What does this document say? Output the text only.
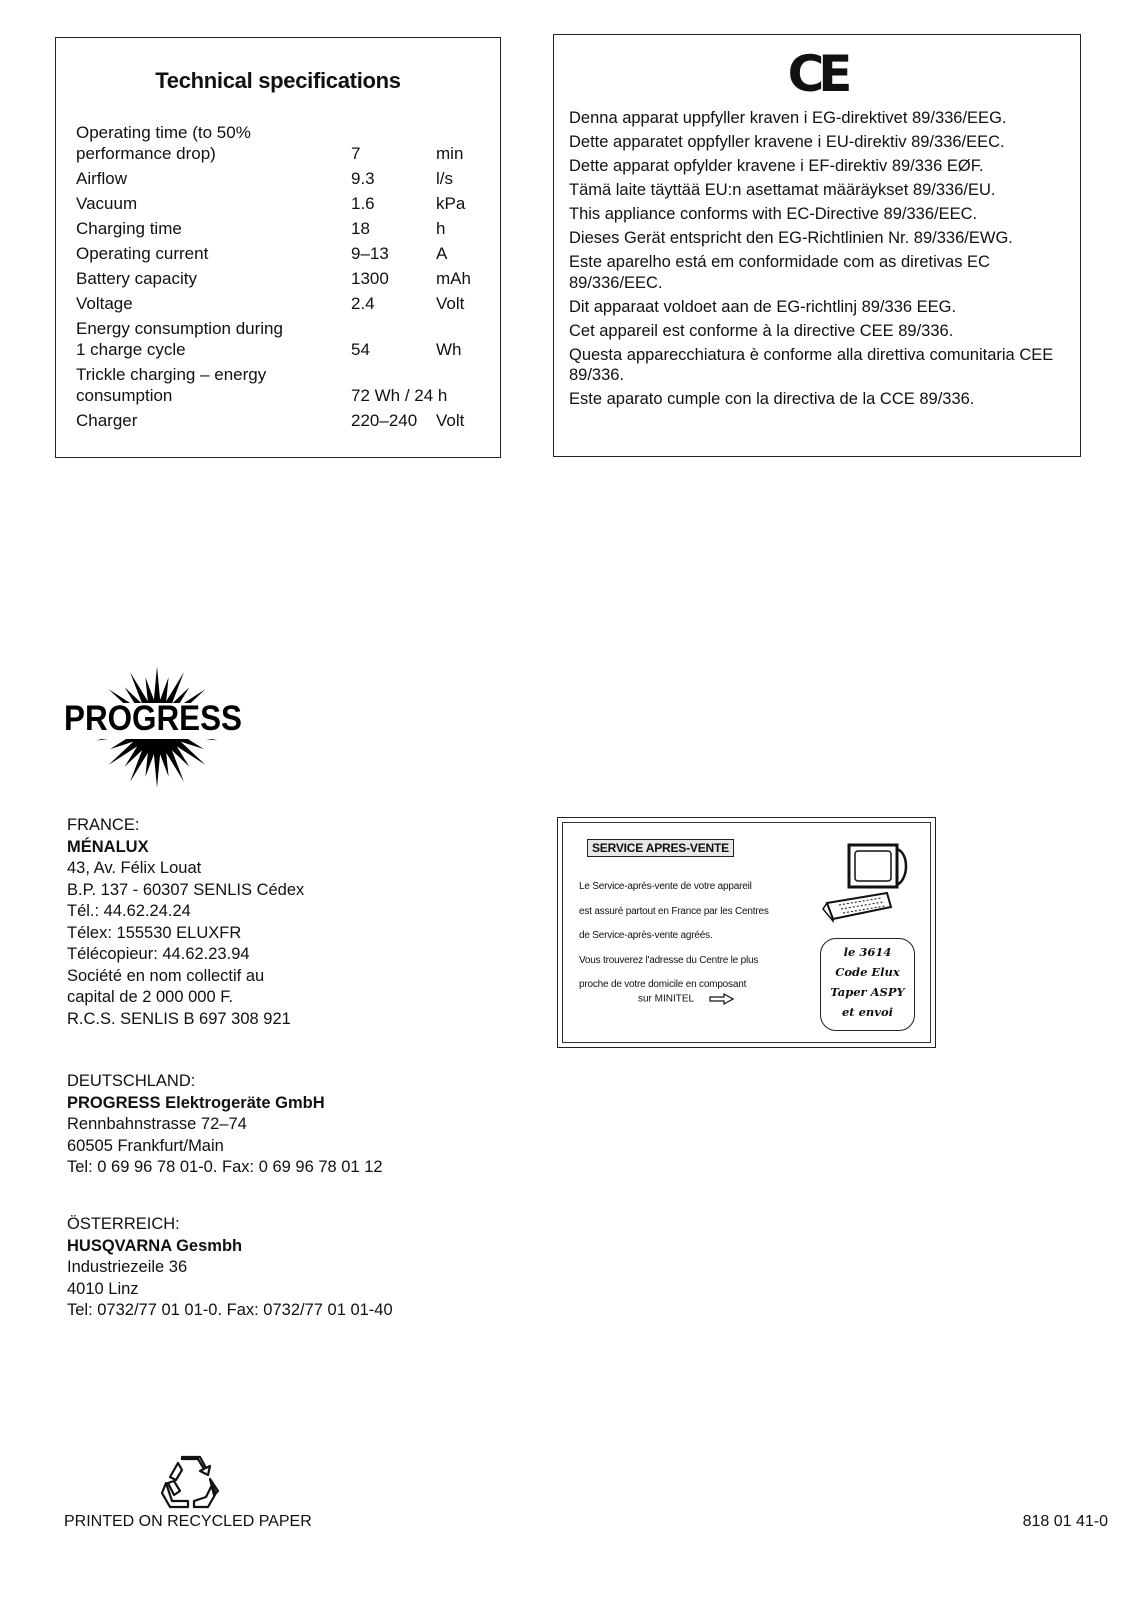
Technical specifications
Operating time (to 50%
performance drop)	7	min
Airflow	9.3	l/s
Vacuum	1.6	kPa
Charging time	18	h
Operating current	9–13	A
Battery capacity	1300	mAh
Voltage	2.4	Volt
Energy consumption during
1 charge cycle	54	Wh
Trickle charging – energy
consumption	72 Wh / 24 h	
Charger	220–240	Volt
CE
Denna apparat uppfyller kraven i EG-direktivet 89/336/EEG.
Dette apparatet oppfyller kravene i EU-direktiv 89/336/EEC.
Dette apparat opfylder kravene i EF-direktiv 89/336 EØF.
Tämä laite täyttää EU:n asettamat määräykset 89/336/EU.
This appliance conforms with EC-Directive 89/336/EEC.
Dieses Gerät entspricht den EG-Richtlinien Nr. 89/336/EWG.
Este aparelho está em conformidade com as diretivas EC 89/336/EEC.
Dit apparaat voldoet aan de EG-richtlinj 89/336 EEG.
Cet appareil est conforme à la directive CEE 89/336.
Questa apparecchiatura è conforme alla direttiva comunitaria CEE 89/336.
Este aparato cumple con la directiva de la CCE 89/336.
PROGRESS
FRANCE:
MÉNALUX
43, Av. Félix Louat
B.P. 137 - 60307 SENLIS Cédex
Tél.: 44.62.24.24
Télex: 155530 ELUXFR
Télécopieur: 44.62.23.94
Société en nom collectif au
capital de 2 000 000 F.
R.C.S. SENLIS B 697 308 921
DEUTSCHLAND:
PROGRESS Elektrogeräte GmbH
Rennbahnstrasse 72–74
60505 Frankfurt/Main
Tel: 0 69 96 78 01-0. Fax: 0 69 96 78 01 12
ÖSTERREICH:
HUSQVARNA Gesmbh
Industriezeile 36
4010 Linz
Tel: 0732/77 01 01-0. Fax: 0732/77 01 01-40
SERVICE APRES-VENTE
Le Service-après-vente de votre appareil
est assuré partout en France par les Centres
de Service-après-vente agréés.
Vous trouverez l'adresse du Centre le plus
proche de votre domicile en composant
sur MINITEL
le 3614
Code Elux
Taper ASPY
et envoi
PRINTED ON RECYCLED PAPER	818 01 41-0
